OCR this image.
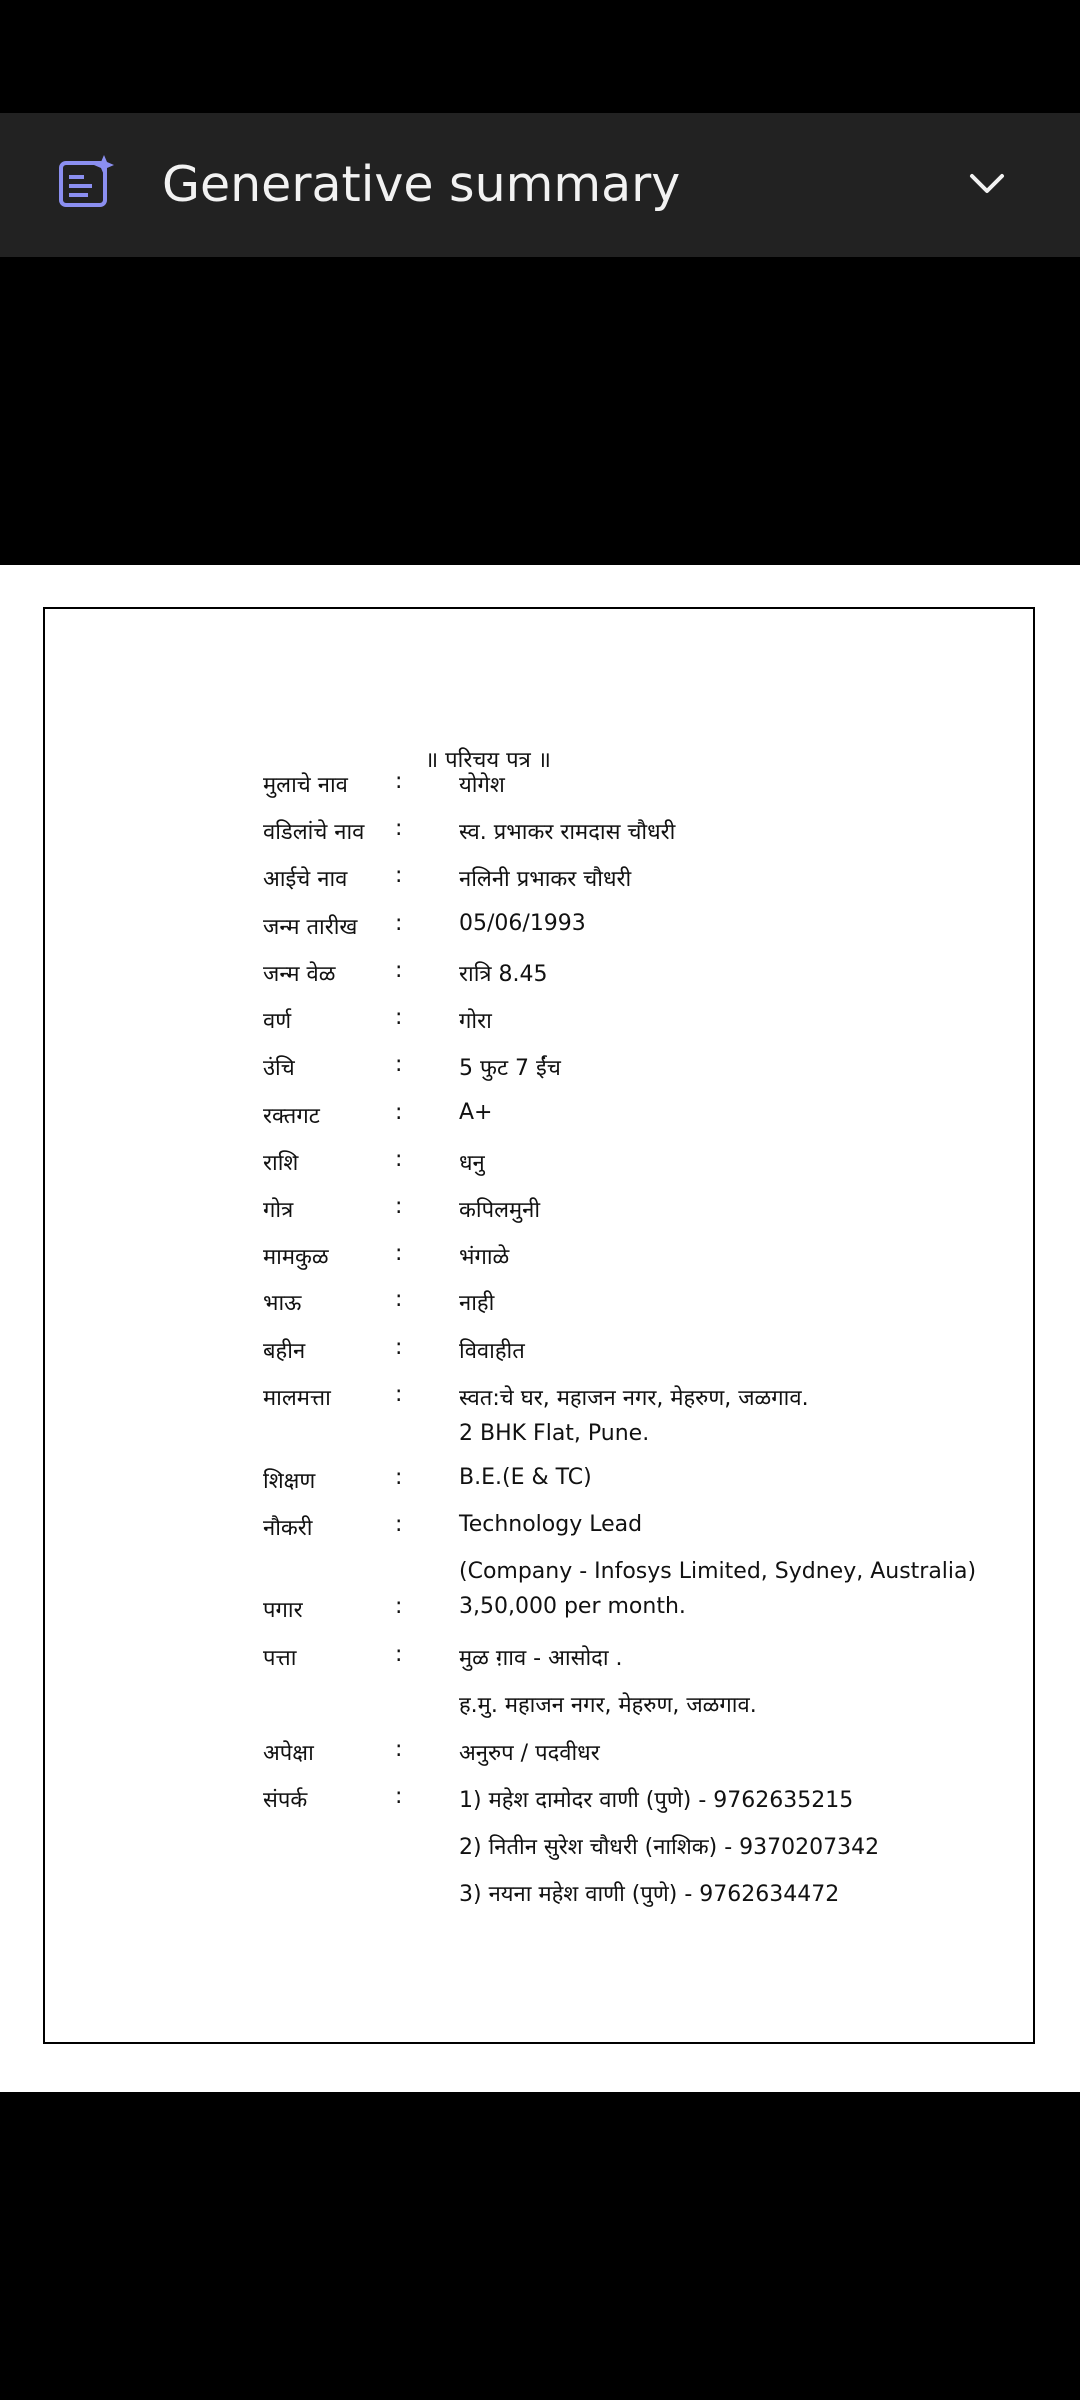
Generative summary
॥ परिचय पत्र ॥
मुलाचे नाव	:	योगेश
वडिलांचे नाव	:	स्व. प्रभाकर रामदास चौधरी
आईचे नाव	:	नलिनी प्रभाकर चौधरी
जन्म तारीख	:	05/06/1993
जन्म वेळ	:	रात्रि 8.45
वर्ण	:	गोरा
उंचि	:	5 फुट 7 ईंच
रक्तगट	:	A+
राशि	:	धनु
गोत्र	:	कपिलमुनी
मामकुळ	:	भंगाळे
भाऊ	:	नाही
बहीन	:	विवाहीत
मालमत्ता	:	स्वत:चे घर, महाजन नगर, मेहरुण, जळगाव.
2 BHK Flat, Pune.
शिक्षण	:	B.E.(E & TC)
नौकरी	:	Technology Lead
(Company - Infosys Limited, Sydney, Australia)
पगार	:	3,50,000 per month.
पत्ता	:	मुळ ग़ाव - आसोदा .
ह.मु. महाजन नगर, मेहरुण, जळगाव.
अपेक्षा	:	अनुरुप / पदवीधर
संपर्क	:	1) महेश दामोदर वाणी (पुणे) - 9762635215
2) नितीन सुरेश चौधरी (नाशिक) - 9370207342
3) नयना महेश वाणी (पुणे) - 9762634472
